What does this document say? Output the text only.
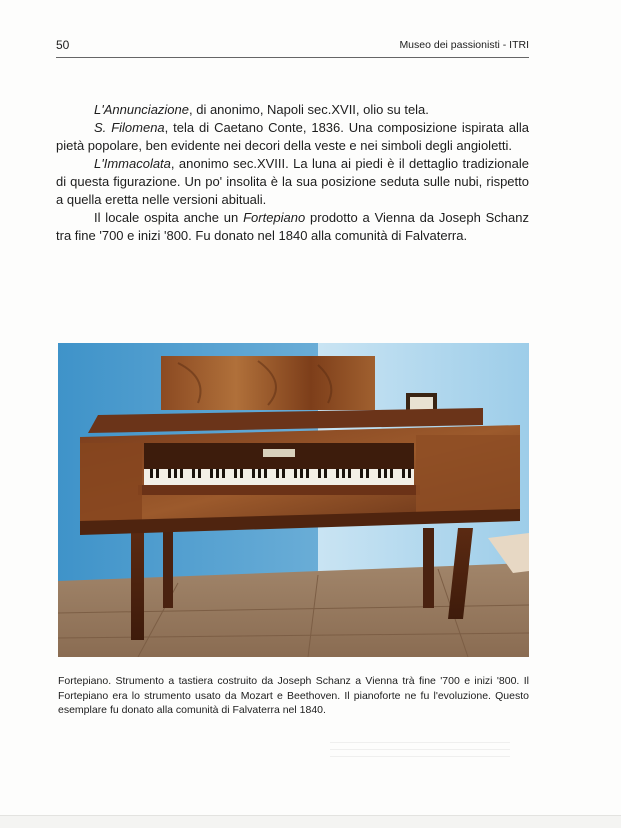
50	Museo dei passionisti - ITRI

L'Annunciazione, di anonimo, Napoli sec.XVII, olio su tela.

S. Filomena, tela di Caetano Conte, 1836. Una composizione ispirata alla pietà popolare, ben evidente nei decori della veste e nei simboli degli angioletti.

L'Immacolata, anonimo sec.XVIII. La luna ai piedi è il dettaglio tradizionale di questa figurazione. Un po' insolita è la sua posizione seduta sulle nubi, rispetto a quella eretta nelle versioni abituali.

Il locale ospita anche un Fortepiano prodotto a Vienna da Joseph Schanz tra fine '700 e inizi '800. Fu donato nel 1840 alla comunità di Falvaterra.

Fortepiano. Strumento a tastiera costruito da Joseph Schanz a Vienna trà fine '700 e inizi '800. Il Fortepiano era lo strumento usato da Mozart e Beethoven. Il pianoforte ne fu l'evoluzione. Questo esemplare fu donato alla comunità di Falvaterra nel 1840.
